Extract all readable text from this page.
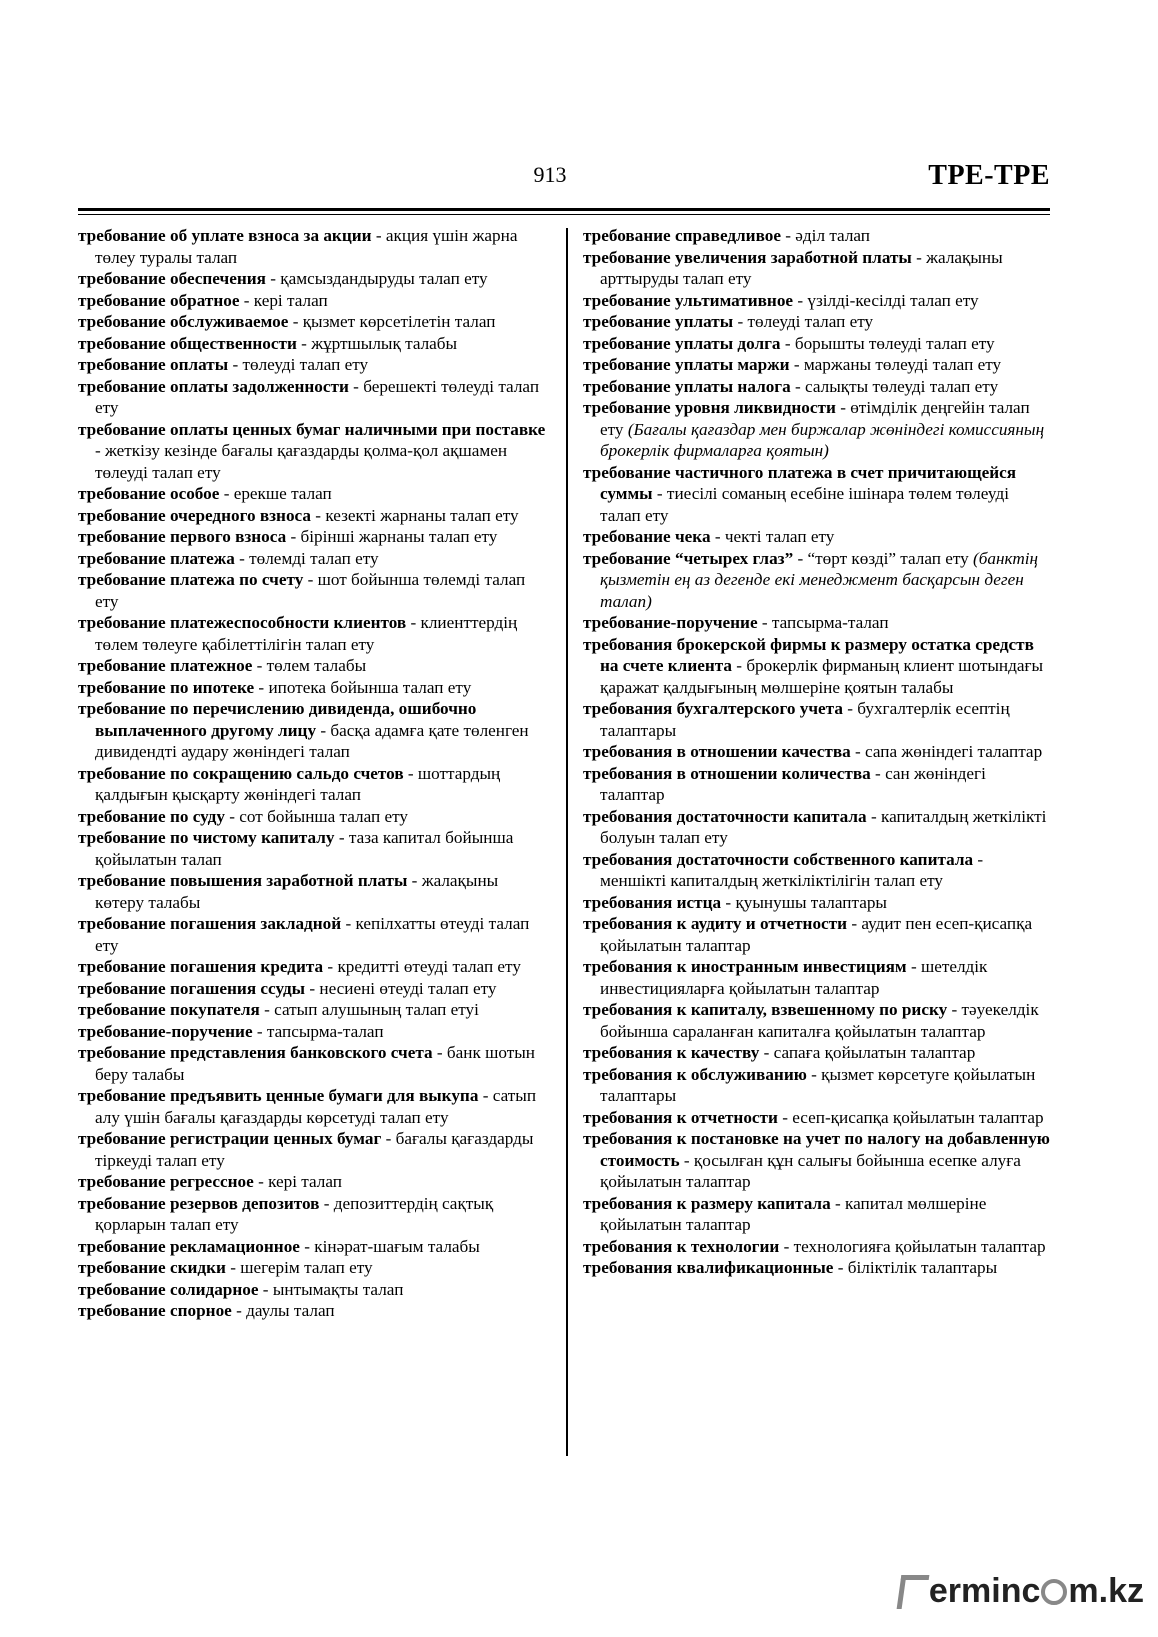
913	ТРЕ-ТРЕ
требование об уплате взноса за акции - акция үшін жарна төлеу туралы талап
требование обеспечения - қамсыздандыруды талап ету
требование обратное - кері талап
требование обслуживаемое - қызмет көрсетілетін талап
требование общественности - жұртшылық талабы
требование оплаты - төлеуді талап ету
требование оплаты задолженности - берешекті төлеуді талап ету
требование оплаты ценных бумаг наличными при поставке - жеткізу кезінде бағалы қағаздарды қолма-қол ақшамен төлеуді талап ету
требование особое - ерекше талап
требование очередного взноса - кезекті жарнаны талап ету
требование первого взноса - бірінші жарнаны талап ету
требование платежа - төлемді талап ету
требование платежа по счету - шот бойынша төлемді талап ету
требование платежеспособности клиентов - клиенттердің төлем төлеуге қабілеттілігін талап ету
требование платежное - төлем талабы
требование по ипотеке - ипотека бойынша талап ету
требование по перечислению дивиденда, ошибочно выплаченного другому лицу - басқа адамға қате төленген дивидендті аудару жөніндегі талап
требование по сокращению сальдо счетов - шоттардың қалдығын қысқарту жөніндегі талап
требование по суду - сот бойынша талап ету
требование по чистому капиталу - таза капитал бойынша қойылатын талап
требование повышения заработной платы - жалақыны көтеру талабы
требование погашения закладной - кепілхатты өтеуді талап ету
требование погашения кредита - кредитті өтеуді талап ету
требование погашения ссуды - несиені өтеуді талап ету
требование покупателя - сатып алушының талап етуі
требование-поручение - тапсырма-талап
требование представления банковского счета - банк шотын беру талабы
требование предъявить ценные бумаги для выкупа - сатып алу үшін бағалы қағаздарды көрсетуді талап ету
требование регистрации ценных бумаг - бағалы қағаздарды тіркеуді талап ету
требование регрессное - кері талап
требование резервов депозитов - депозиттердің сақтық қорларын талап ету
требование рекламационное - кінәрат-шағым талабы
требование скидки - шегерім талап ету
требование солидарное - ынтымақты талап
требование спорное - даулы талап
требование справедливое - әділ талап
требование увеличения заработной платы - жалақыны арттыруды талап ету
требование ультимативное - үзілді-кесілді талап ету
требование уплаты - төлеуді талап ету
требование уплаты долга - борышты төлеуді талап ету
требование уплаты маржи - маржаны төлеуді талап ету
требование уплаты налога - салықты төлеуді талап ету
требование уровня ликвидности - өтімділік деңгейін талап ету (Бағалы қағаздар мен биржалар жөніндегі комиссияның брокерлік фирмаларға қоятын)
требование частичного платежа в счет причитающейся суммы - тиесілі соманың есебіне ішінара төлем төлеуді талап ету
требование чека - чекті талап ету
требование “четырех глаз” - “төрт көзді” талап ету (банктің қызметін ең аз дегенде екі менеджмент басқарсын деген талап)
требование-поручение - тапсырма-талап
требования брокерской фирмы к размеру остатка средств на счете клиента - брокерлік фирманың клиент шотындағы қаражат қалдығының мөлшеріне қоятын талабы
требования бухгалтерского учета - бухгалтерлік есептің талаптары
требования в отношении качества - сапа жөніндегі талаптар
требования в отношении количества - сан жөніндегі талаптар
требования достаточности капитала - капиталдың жеткілікті болуын талап ету
требования достаточности собственного капитала - меншікті капиталдың жеткіліктілігін талап ету
требования истца - қуынушы талаптары
требования к аудиту и отчетности - аудит пен есеп-қисапқа қойылатын талаптар
требования к иностранным инвестициям - шетелдік инвестицияларға қойылатын талаптар
требования к капиталу, взвешенному по риску - тәуекелдік бойынша сараланған капиталға қойылатын талаптар
требования к качеству - сапаға қойылатын талаптар
требования к обслуживанию - қызмет көрсетуге қойылатын талаптары
требования к отчетности - есеп-қисапқа қойылатын талаптар
требования к постановке на учет по налогу на добавленную стоимость - қосылған құн салығы бойынша есепке алуға қойылатын талаптар
требования к размеру капитала - капитал мөлшеріне қойылатын талаптар
требования к технологии - технологияға қойылатын талаптар
требования квалификационные - біліктілік талаптары
ermin c m.kz
